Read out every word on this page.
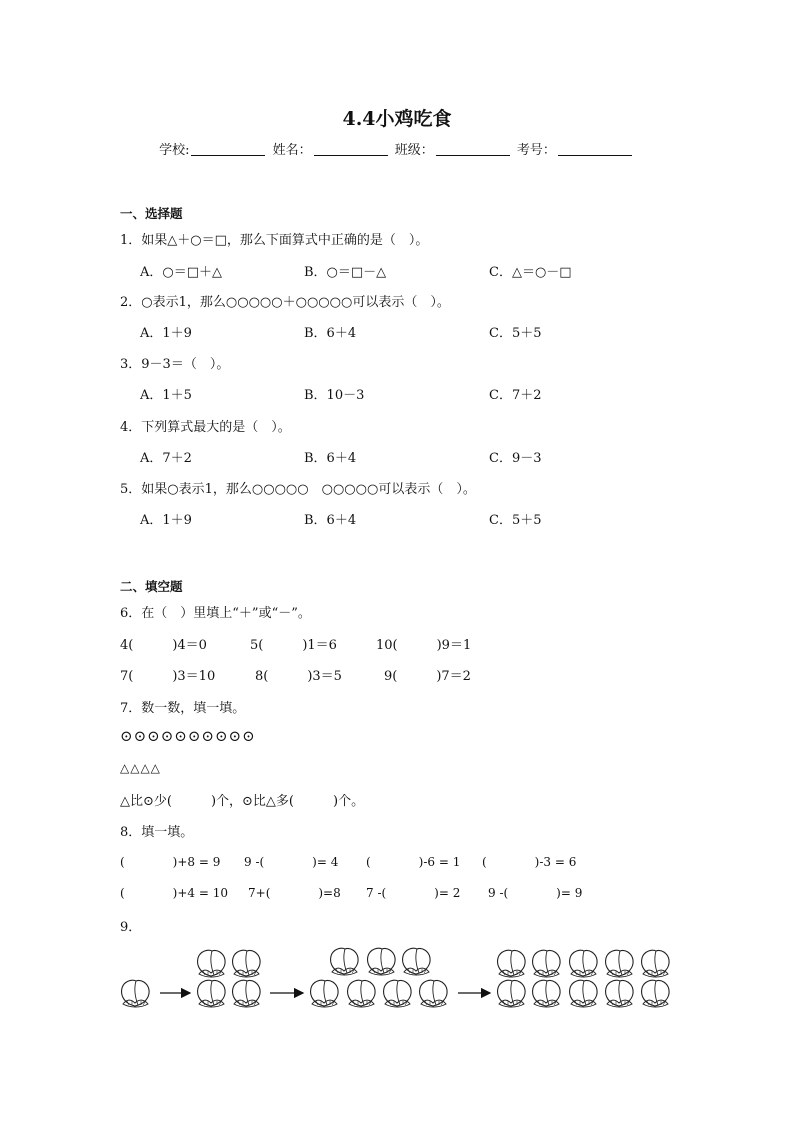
4.4小鸡吃食
学校:	姓名：	班级：	考号：
一、选择题
1．如果△＋○＝□，那么下面算式中正确的是（　）。
A．○＝□＋△	B．○＝□－△	C．△＝○－□
2．○表示1，那么○○○○○＋○○○○○可以表示（　）。
A．1＋9	B．6＋4	C．5＋5
3．9－3＝（　）。
A．1＋5	B．10－3	C．7＋2
4．下列算式最大的是（　）。
A．7＋2	B．6＋4	C．9－3
5．如果○表示1，那么○○○○○　○○○○○可以表示（　）。
A．1＋9	B．6＋4	C．5＋5
二、填空题
6．在（　）里填上“＋”或“－”。
4(　　　)4＝0	5(　　　)1＝6	10(　　　)9＝1
7(　　　)3＝10	8(　　　)3＝5	9(　　　)7＝2
7．数一数，填一填。
⊙⊙⊙⊙⊙⊙⊙⊙⊙⊙
△△△△
△比⊙少(　　　)个，⊙比△多(　　　)个。
8．填一填。
(　　　　)+8 = 9 9 -(　　　　)= 4 (　　　　)-6 = 1 (　　　　)-3 = 6
(　　　　)+4 = 10 7+(　　　　)=8 7 -(　　　　)= 2 9 -(　　　　)= 9
9．
